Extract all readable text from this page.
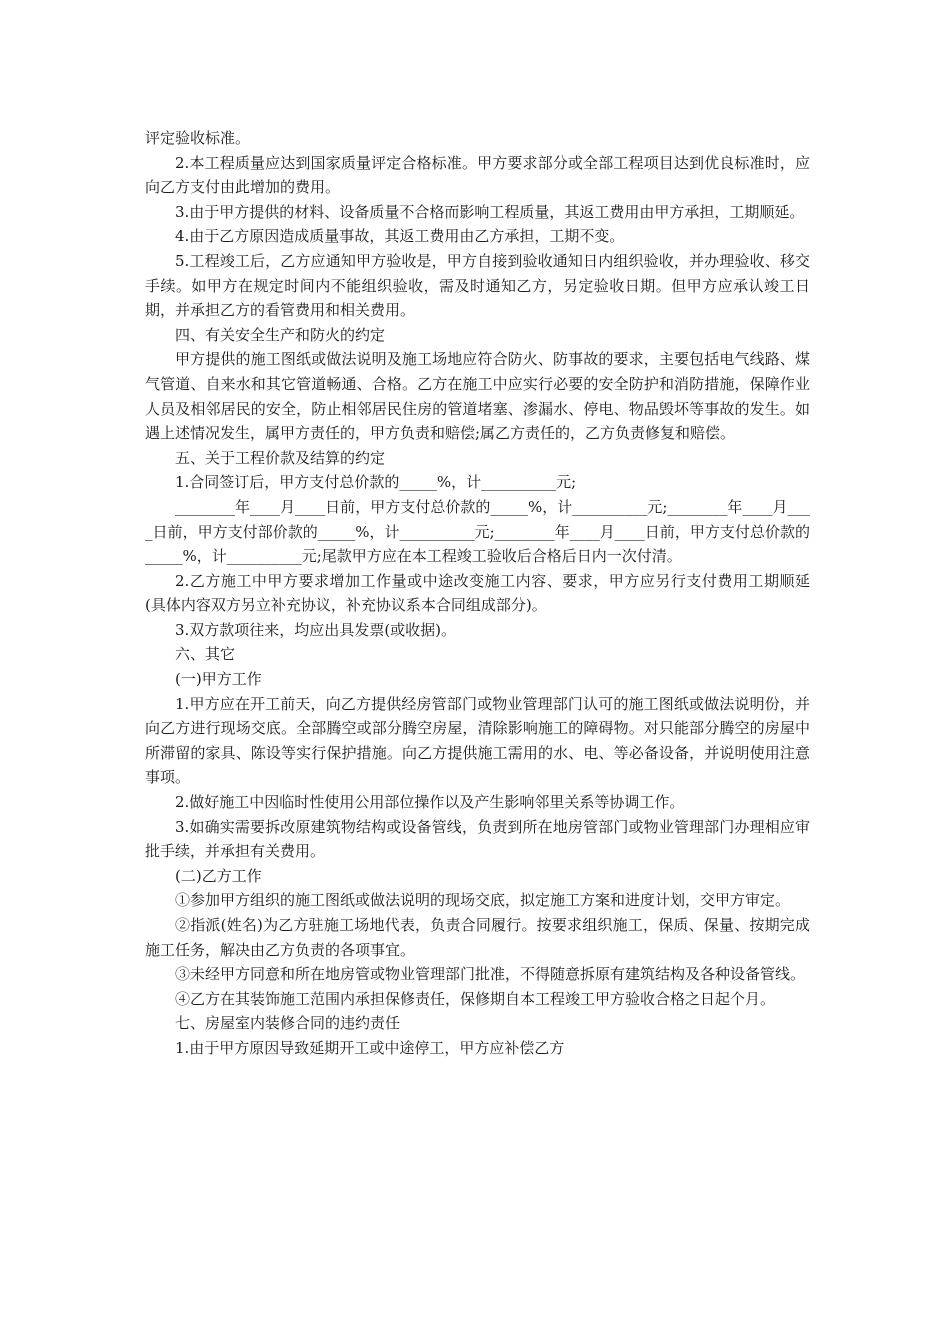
评定验收标准。

2.本工程质量应达到国家质量评定合格标准。甲方要求部分或全部工程项目达到优良标准时，应向乙方支付由此增加的费用。

3.由于甲方提供的材料、设备质量不合格而影响工程质量，其返工费用由甲方承担，工期顺延。

4.由于乙方原因造成质量事故，其返工费用由乙方承担，工期不变。

5.工程竣工后，乙方应通知甲方验收是，甲方自接到验收通知日内组织验收，并办理验收、移交手续。如甲方在规定时间内不能组织验收，需及时通知乙方，另定验收日期。但甲方应承认竣工日期，并承担乙方的看管费用和相关费用。

四、有关安全生产和防火的约定

甲方提供的施工图纸或做法说明及施工场地应符合防火、防事故的要求，主要包括电气线路、煤气管道、自来水和其它管道畅通、合格。乙方在施工中应实行必要的安全防护和消防措施，保障作业人员及相邻居民的安全，防止相邻居民住房的管道堵塞、渗漏水、停电、物品毁坏等事故的发生。如遇上述情况发生，属甲方责任的，甲方负责和赔偿;属乙方责任的，乙方负责修复和赔偿。

五、关于工程价款及结算的约定

1.合同签订后，甲方支付总价款的_____%，计__________元;

________年____月____日前，甲方支付总价款的_____%，计__________元;________年____月____日前，甲方支付部价款的_____%，计__________元;________年____月____日前，甲方支付总价款的_____%，计__________元;尾款甲方应在本工程竣工验收后合格后日内一次付清。

2.乙方施工中甲方要求增加工作量或中途改变施工内容、要求，甲方应另行支付费用工期顺延(具体内容双方另立补充协议，补充协议系本合同组成部分)。

3.双方款项往来，均应出具发票(或收据)。

六、其它

(一)甲方工作

1.甲方应在开工前天，向乙方提供经房管部门或物业管理部门认可的施工图纸或做法说明份，并向乙方进行现场交底。全部腾空或部分腾空房屋，清除影响施工的障碍物。对只能部分腾空的房屋中所滞留的家具、陈设等实行保护措施。向乙方提供施工需用的水、电、等必备设备，并说明使用注意事项。

2.做好施工中因临时性使用公用部位操作以及产生影响邻里关系等协调工作。

3.如确实需要拆改原建筑物结构或设备管线，负责到所在地房管部门或物业管理部门办理相应审批手续，并承担有关费用。

(二)乙方工作

①参加甲方组织的施工图纸或做法说明的现场交底，拟定施工方案和进度计划，交甲方审定。

②指派(姓名)为乙方驻施工场地代表，负责合同履行。按要求组织施工，保质、保量、按期完成施工任务，解决由乙方负责的各项事宜。

③未经甲方同意和所在地房管或物业管理部门批准，不得随意拆原有建筑结构及各种设备管线。

④乙方在其装饰施工范围内承担保修责任，保修期自本工程竣工甲方验收合格之日起个月。

七、房屋室内装修合同的违约责任

1.由于甲方原因导致延期开工或中途停工，甲方应补偿乙方
